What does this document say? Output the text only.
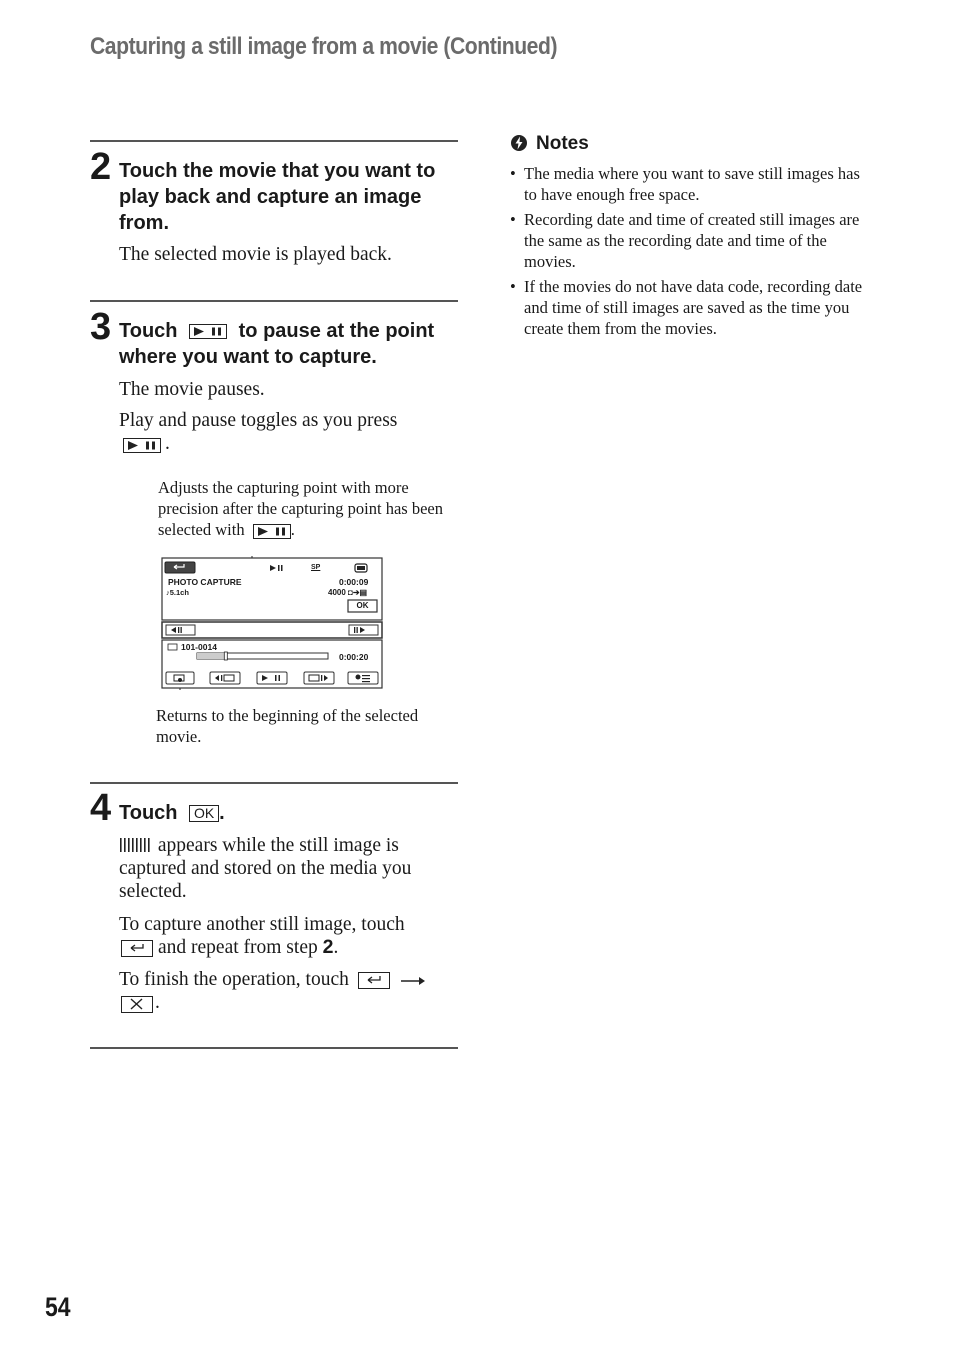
Capturing a still image from a movie (Continued)
2 Touch the movie that you want to play back and capture an image from.
The selected movie is played back.
3 Touch	to pause at the point where you want to capture.
The movie pauses.
Play and pause toggles as you press

.
Adjusts the capturing point with more precision after the capturing point has been selected with	.
PHOTO CAPTURE
♪5.1ch
SP
0:00:09
4000 ◘➔▤
OK
101-0014
0:00:20
Returns to the beginning of the selected movie.
4 Touch OK .
appears while the still image is captured and stored on the media you selected.
To capture another still image, touch

and repeat from step 2.
To finish the operation, touch

.
Notes
• The media where you want to save still images has to have enough free space.
• Recording date and time of created still images are the same as the recording date and time of the movies.
• If the movies do not have data code, recording date and time of still images are saved as the time you create them from the movies.
54
